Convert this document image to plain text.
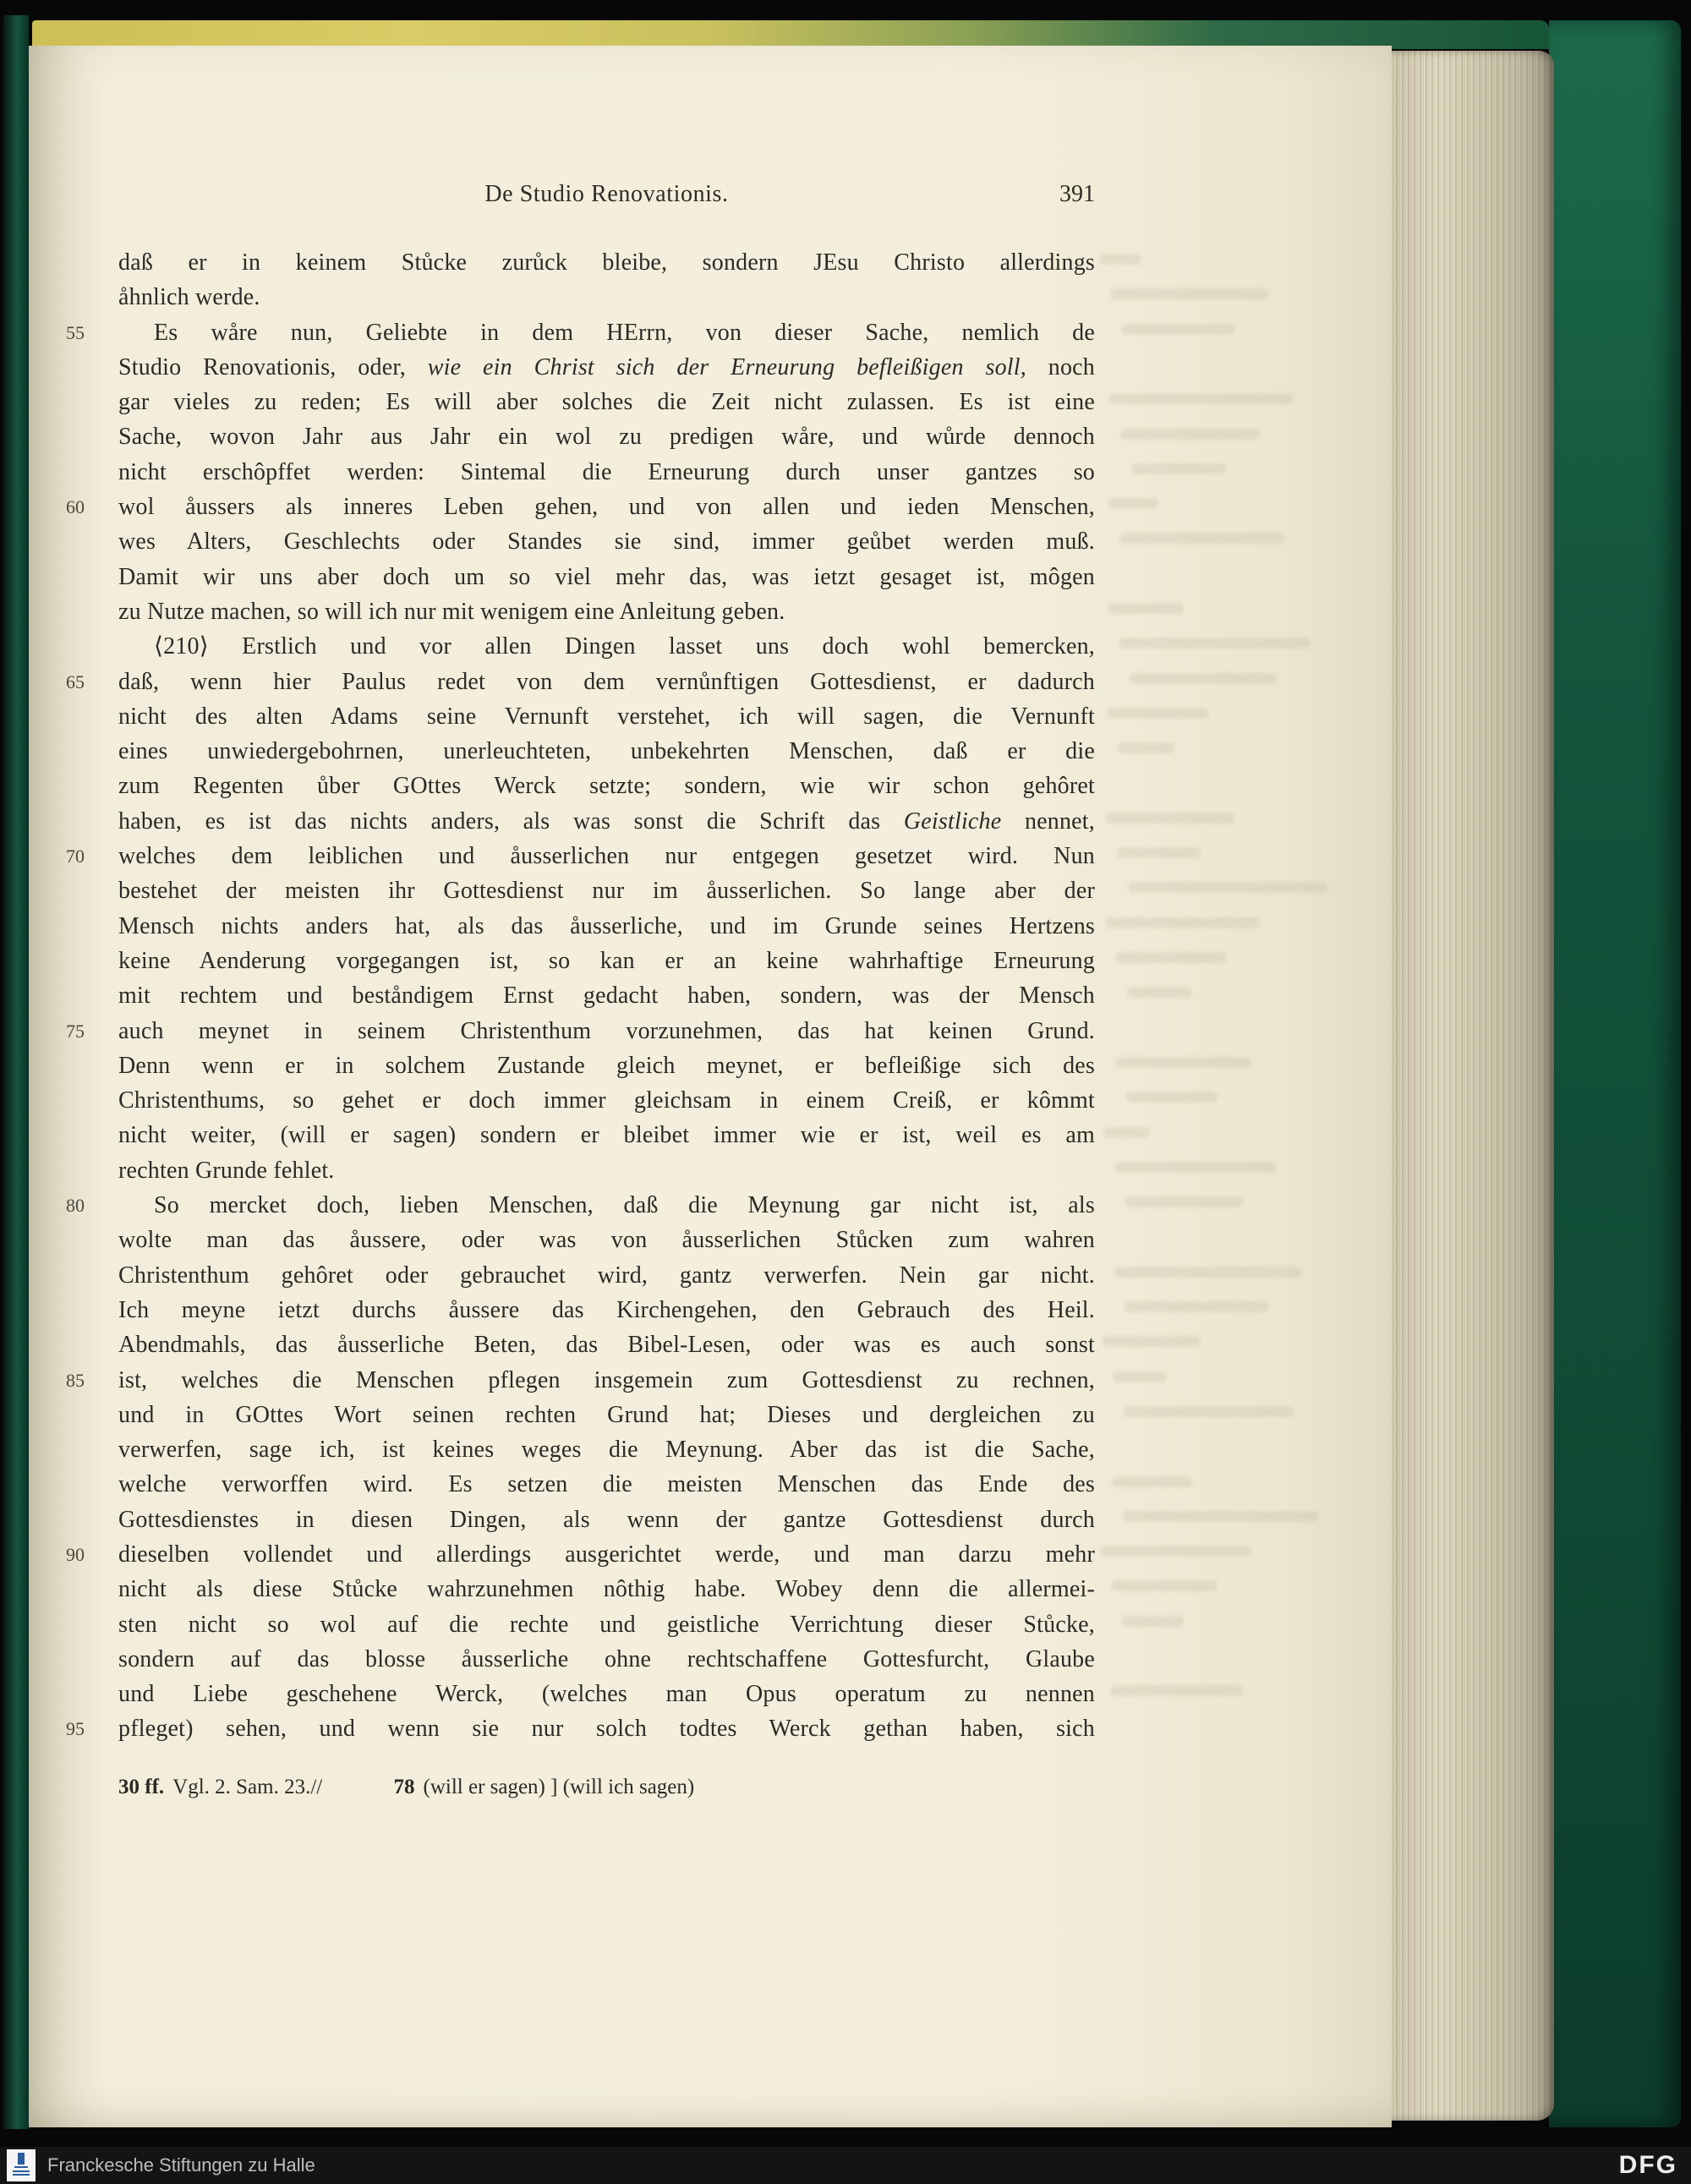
De Studio Renovationis.	391
daß er in keinem Stůcke zurůck bleibe, sondern JEsu Christo allerdings
åhnlich werde.
55	Es wåre nun, Geliebte in dem HErrn, von dieser Sache, nemlich de
Studio Renovationis, oder, wie ein Christ sich der Erneurung befleißigen soll, noch
gar vieles zu reden; Es will aber solches die Zeit nicht zulassen. Es ist eine
Sache, wovon Jahr aus Jahr ein wol zu predigen wåre, und wůrde dennoch
nicht erschôpffet werden: Sintemal die Erneurung durch unser gantzes so
60	wol åussers als inneres Leben gehen, und von allen und ieden Menschen,
wes Alters, Geschlechts oder Standes sie sind, immer geůbet werden muß.
Damit wir uns aber doch um so viel mehr das, was ietzt gesaget ist, môgen
zu Nutze machen, so will ich nur mit wenigem eine Anleitung geben.
⟨210⟩ Erstlich und vor allen Dingen lasset uns doch wohl bemercken,
65	daß, wenn hier Paulus redet von dem vernůnftigen Gottesdienst, er dadurch
nicht des alten Adams seine Vernunft verstehet, ich will sagen, die Vernunft
eines unwiedergebohrnen, unerleuchteten, unbekehrten Menschen, daß er die
zum Regenten ůber GOttes Werck setzte; sondern, wie wir schon gehôret
haben, es ist das nichts anders, als was sonst die Schrift das Geistliche nennet,
70	welches dem leiblichen und åusserlichen nur entgegen gesetzet wird. Nun
bestehet der meisten ihr Gottesdienst nur im åusserlichen. So lange aber der
Mensch nichts anders hat, als das åusserliche, und im Grunde seines Hertzens
keine Aenderung vorgegangen ist, so kan er an keine wahrhaftige Erneurung
mit rechtem und beståndigem Ernst gedacht haben, sondern, was der Mensch
75	auch meynet in seinem Christenthum vorzunehmen, das hat keinen Grund.
Denn wenn er in solchem Zustande gleich meynet, er befleißige sich des
Christenthums, so gehet er doch immer gleichsam in einem Creiß, er kômmt
nicht weiter, (will er sagen) sondern er bleibet immer wie er ist, weil es am
rechten Grunde fehlet.
80	So mercket doch, lieben Menschen, daß die Meynung gar nicht ist, als
wolte man das åussere, oder was von åusserlichen Stůcken zum wahren
Christenthum gehôret oder gebrauchet wird, gantz verwerfen. Nein gar nicht.
Ich meyne ietzt durchs åussere das Kirchengehen, den Gebrauch des Heil.
Abendmahls, das åusserliche Beten, das Bibel-Lesen, oder was es auch sonst
85	ist, welches die Menschen pflegen insgemein zum Gottesdienst zu rechnen,
und in GOttes Wort seinen rechten Grund hat; Dieses und dergleichen zu
verwerfen, sage ich, ist keines weges die Meynung. Aber das ist die Sache,
welche verworffen wird. Es setzen die meisten Menschen das Ende des
Gottesdienstes in diesen Dingen, als wenn der gantze Gottesdienst durch
90	dieselben vollendet und allerdings ausgerichtet werde, und man darzu mehr
nicht als diese Stůcke wahrzunehmen nôthig habe. Wobey denn die allermei-
sten nicht so wol auf die rechte und geistliche Verrichtung dieser Stůcke,
sondern auf das blosse åusserliche ohne rechtschaffene Gottesfurcht, Glaube
und Liebe geschehene Werck, (welches man Opus operatum zu nennen
95	pfleget) sehen, und wenn sie nur solch todtes Werck gethan haben, sich
30 ff. Vgl. 2. Sam. 23.//	78 (will er sagen) ] (will ich sagen)
Franckesche Stiftungen zu Halle	DFG
